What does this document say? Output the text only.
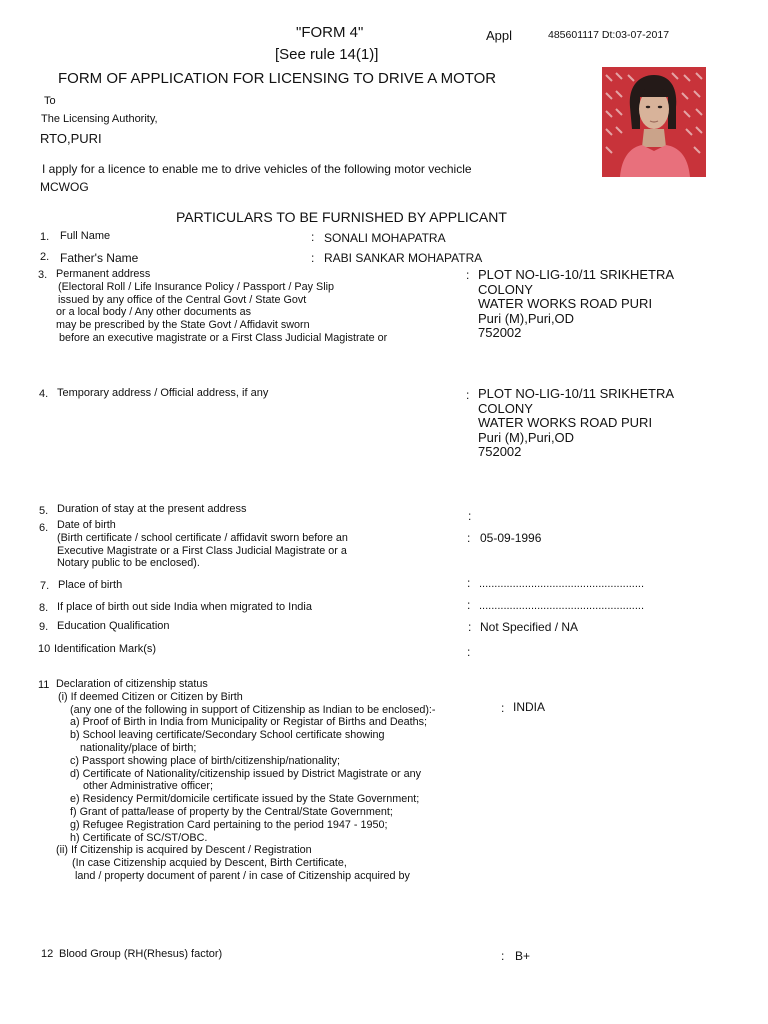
"FORM 4"
[See rule 14(1)]
Appl	485601117 Dt:03-07-2017
FORM OF APPLICATION FOR LICENSING TO DRIVE A MOTOR
To
The Licensing Authority,
RTO,PURI
I apply for a licence to enable me to drive vehicles of the following motor vechicle
MCWOG
PARTICULARS TO BE FURNISHED BY APPLICANT
1. Full Name	: SONALI MOHAPATRA
2. Father's Name	: RABI SANKAR MOHAPATRA
3. Permanent address
(Electoral Roll / Life Insurance Policy / Passport / Pay Slip
issued by any office of the Central Govt / State Govt
or a local body / Any other documents as
may be prescribed by the State Govt / Affidavit sworn
before an executive magistrate or a First Class Judicial Magistrate or
: PLOT NO-LIG-10/11 SRIKHETRA
COLONY
WATER WORKS ROAD PURI
Puri (M),Puri,OD
752002
4. Temporary address / Official address, if any	: PLOT NO-LIG-10/11 SRIKHETRA
COLONY
WATER WORKS ROAD PURI
Puri (M),Puri,OD
752002
5. Duration of stay at the present address	:
6. Date of birth
(Birth certificate / school certificate / affidavit sworn before an
Executive Magistrate or a First Class Judicial Magistrate or a
Notary public to be enclosed).
: 05-09-1996
7. Place of birth	: ......................................................
8. If place of birth out side India when migrated to India	: ......................................................
9. Education Qualification	: Not Specified / NA
10 Identification Mark(s)	:
11 Declaration of citizenship status
(i) If deemed Citizen or Citizen by Birth
(any one of the following in support of Citizenship as Indian to be enclosed):-
a) Proof of Birth in India from Municipality or Registar of Births and Deaths;
b) School leaving certificate/Secondary School certificate showing
nationality/place of birth;
c) Passport showing place of birth/citizenship/nationality;
d) Certificate of Nationality/citizenship issued by District Magistrate or any
other Administrative officer;
e) Residency Permit/domicile certificate issued by the State Government;
f) Grant of patta/lease of property by the Central/State Government;
g) Refugee Registration Card pertaining to the period 1947 - 1950;
h) Certificate of SC/ST/OBC.
(ii) If Citizenship is acquired by Descent / Registration
(In case Citizenship acquied by Descent, Birth Certificate,
land / property document of parent / in case of Citizenship acquired by
: INDIA
12 Blood Group (RH(Rhesus) factor)	: B+
